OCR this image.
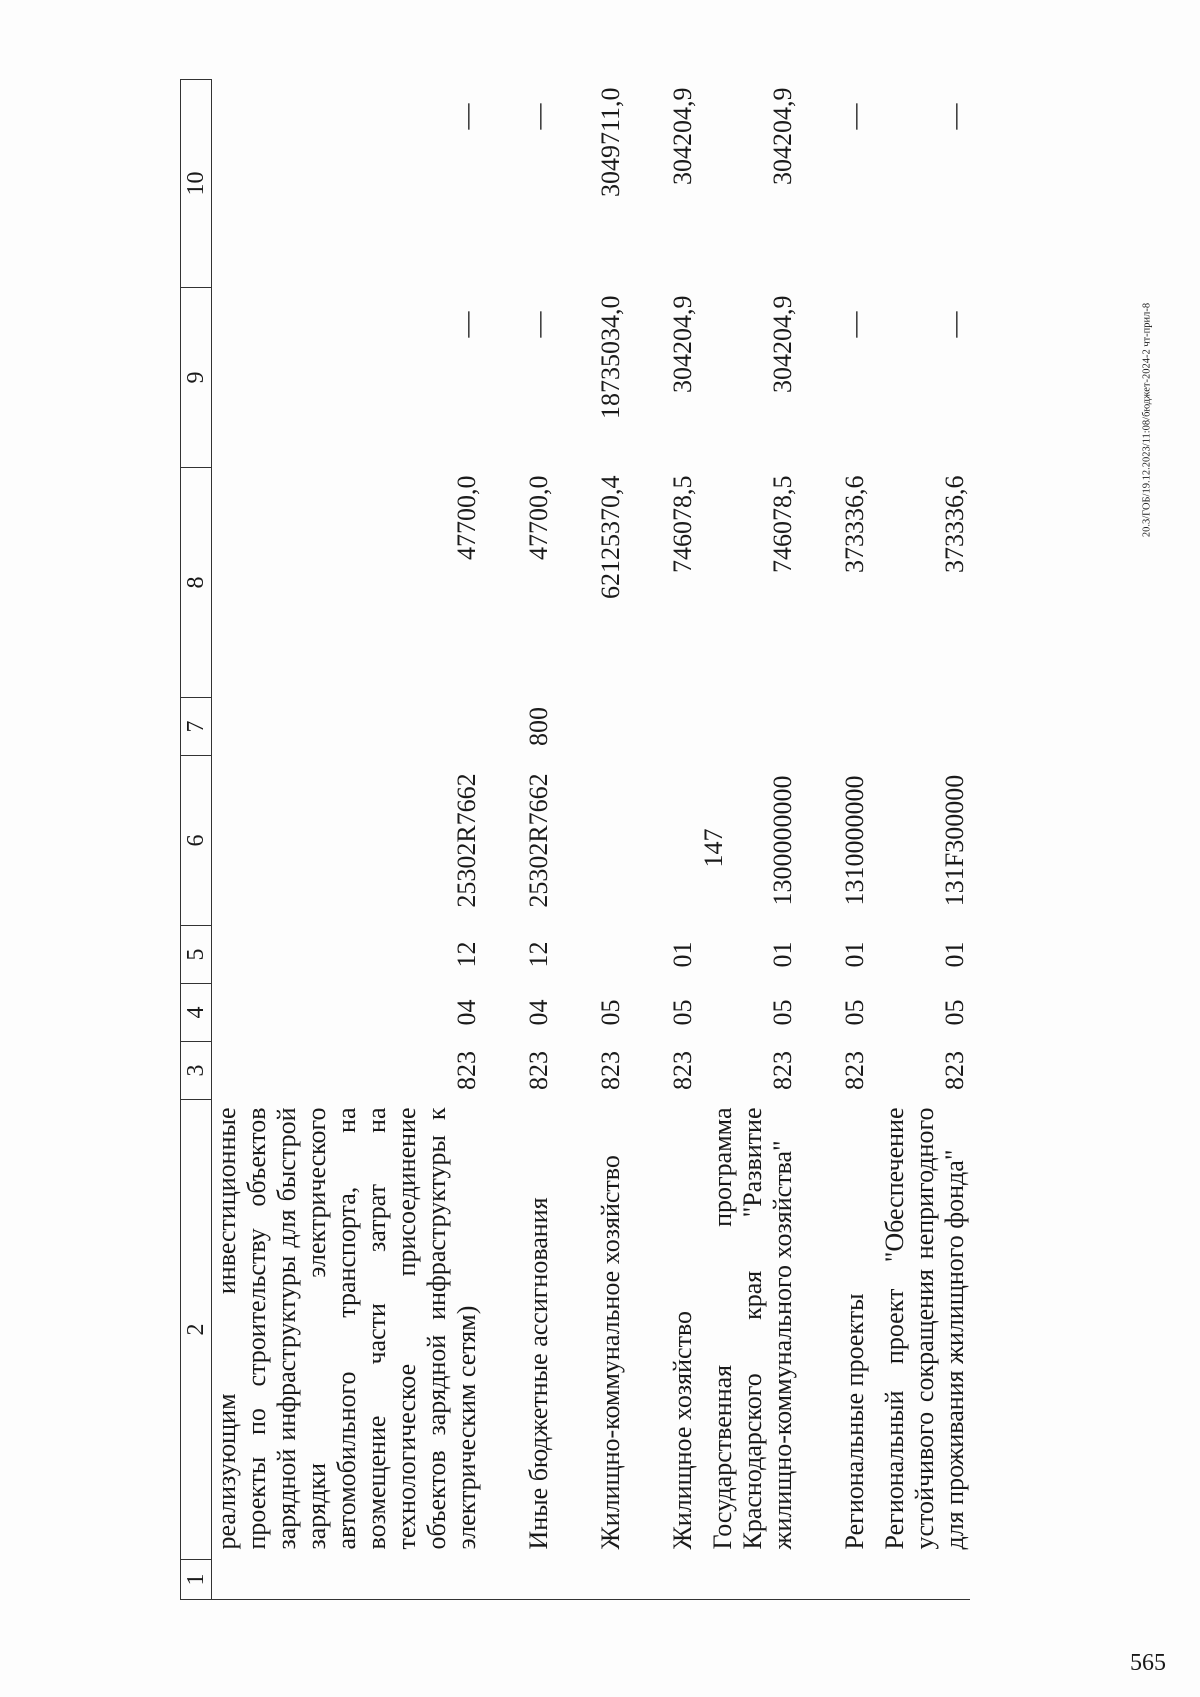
147
565
20.3/ГОБ/19.12.2023/11:08/бюджет-2024-2 чт-прил-8
1	2	3	4	5	6	7	8	9	10
	реализующим инвестиционные проекты по строительству объектов зарядной инфраструктуры для быстрой зарядки электрического автомобильного транспорта, на возмещение части затрат на технологическое присоединение объектов зарядной инфраструктуры к электрическим сетям)	823	04	12	25302R7662		47700,0	—	—
	Иные бюджетные ассигнования	823	04	12	25302R7662	800	47700,0	—	—
	Жилищно-коммунальное хозяйство	823	05				62125370,4	18735034,0	3049711,0
	Жилищное хозяйство	823	05	01			746078,5	304204,9	304204,9
	Государственная программа Краснодарского края "Развитие жилищно-коммунального хозяйства"	823	05	01	1300000000		746078,5	304204,9	304204,9
	Региональные проекты	823	05	01	1310000000		373336,6	—	—
	Региональный проект "Обеспечение устойчивого сокращения непригодного для проживания жилищного фонда"	823	05	01	131F300000		373336,6	—	—
